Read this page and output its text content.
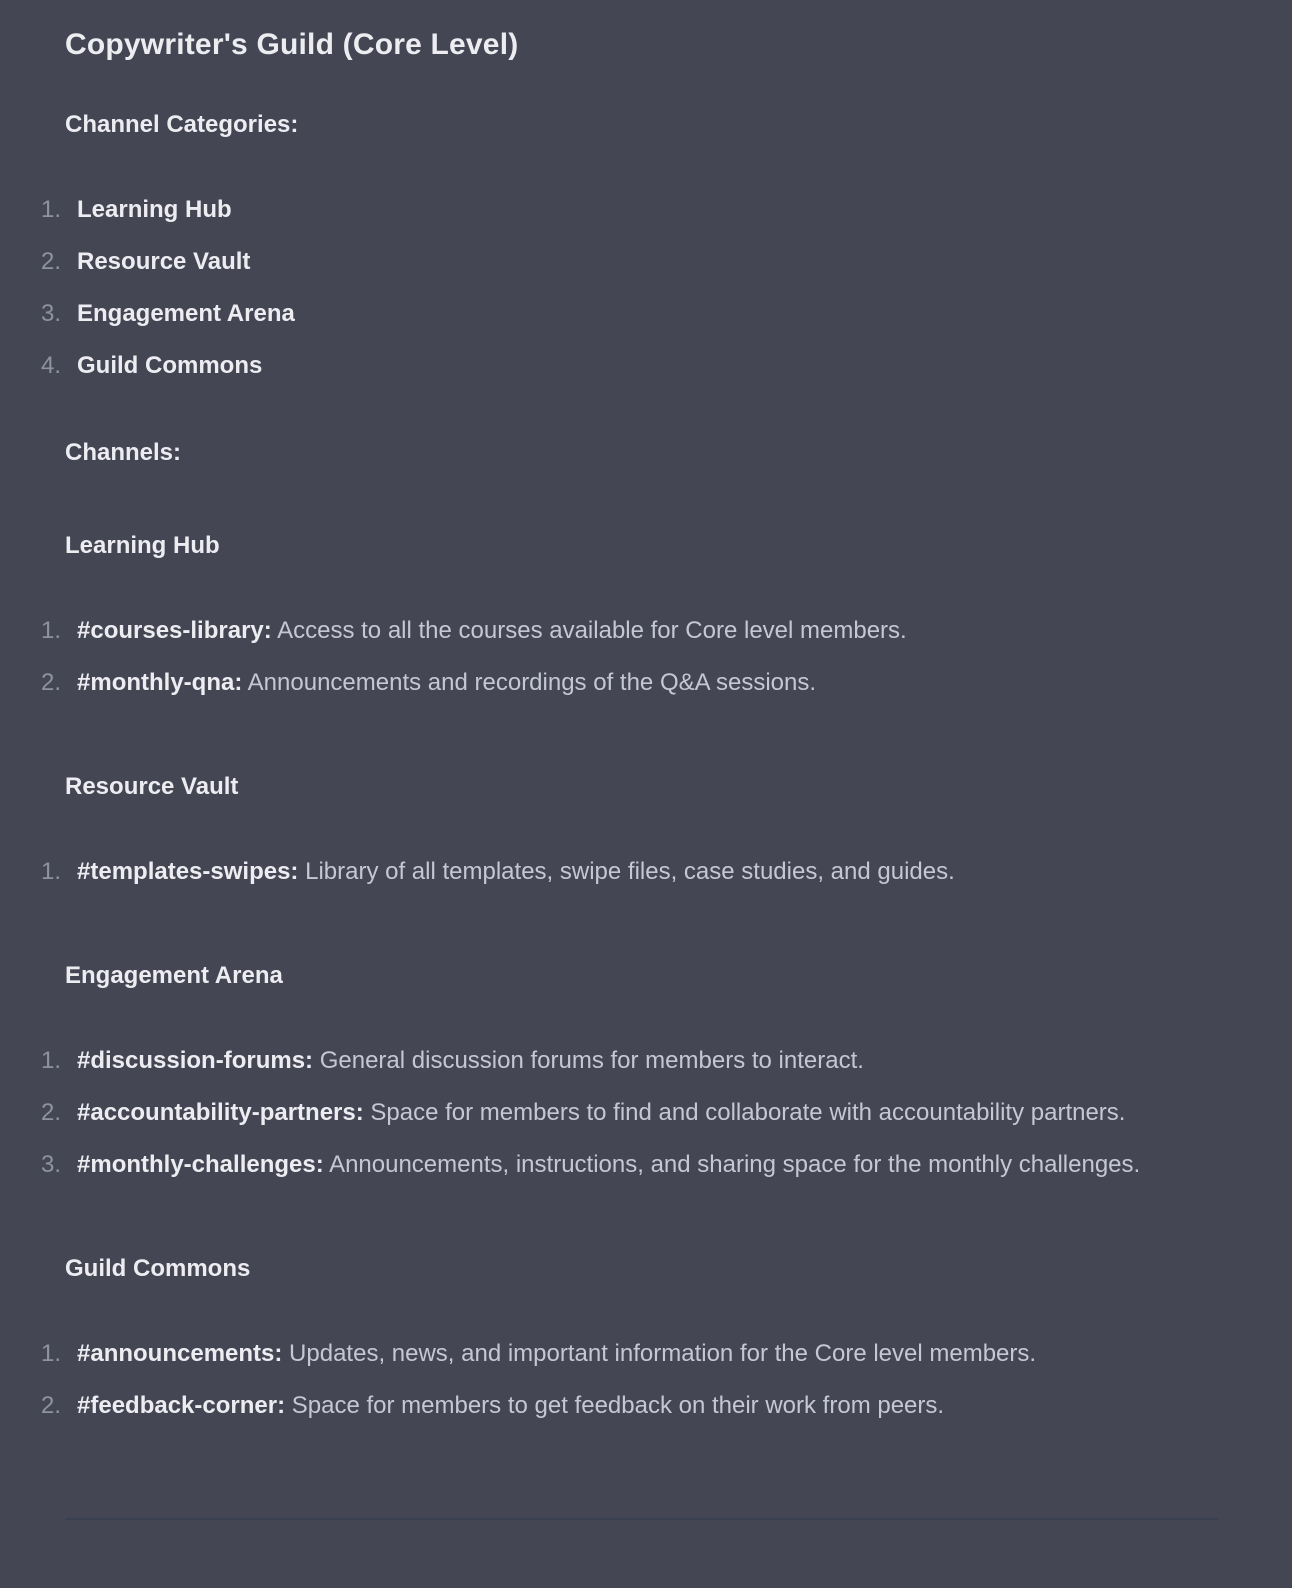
Copywriter's Guild (Core Level)
Channel Categories:
Learning Hub
Resource Vault
Engagement Arena
Guild Commons
Channels:
Learning Hub
#courses-library: Access to all the courses available for Core level members.
#monthly-qna: Announcements and recordings of the Q&A sessions.
Resource Vault
#templates-swipes: Library of all templates, swipe files, case studies, and guides.
Engagement Arena
#discussion-forums: General discussion forums for members to interact.
#accountability-partners: Space for members to find and collaborate with accountability partners.
#monthly-challenges: Announcements, instructions, and sharing space for the monthly challenges.
Guild Commons
#announcements: Updates, news, and important information for the Core level members.
#feedback-corner: Space for members to get feedback on their work from peers.
